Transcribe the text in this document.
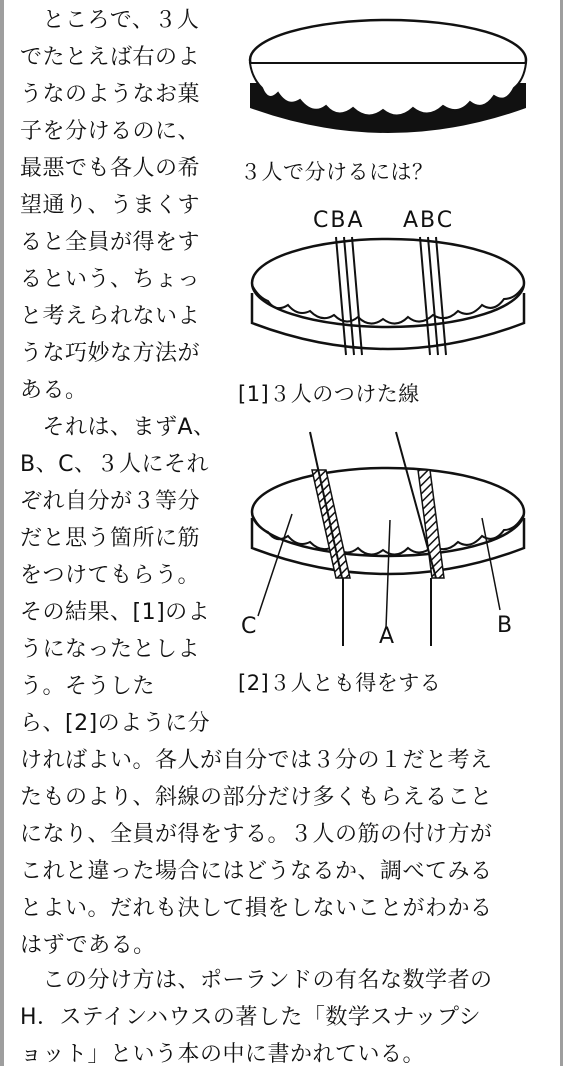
　ところで、３人
でたとえば右のよ
うなのようなお菓
子を分けるのに、
最悪でも各人の希
望通り、うまくす
ると全員が得をす
るという、ちょっ
と考えられないよ
うな巧妙な方法が
ある。
　それは、まずA、
B、C、３人にそれ
ぞれ自分が３等分
だと思う箇所に筋
をつけてもらう。
その結果、[1]のよ
うになったとしよ
う。そうした
ら、[2]のように分
ければよい。各人が自分では３分の１だと考え
たものより、斜線の部分だけ多くもらえること
になり、全員が得をする。３人の筋の付け方が
これと違った場合にはどうなるか、調べてみる
とよい。だれも決して損をしないことがわかる
はずである。
　この分け方は、ポーランドの有名な数学者の
H．ステインハウスの著した「数学スナップシ
ョット」という本の中に書かれている。
３人で分けるには？
CBA ABC
[1]３人のつけた線
C	A	B
[2]３人とも得をする
